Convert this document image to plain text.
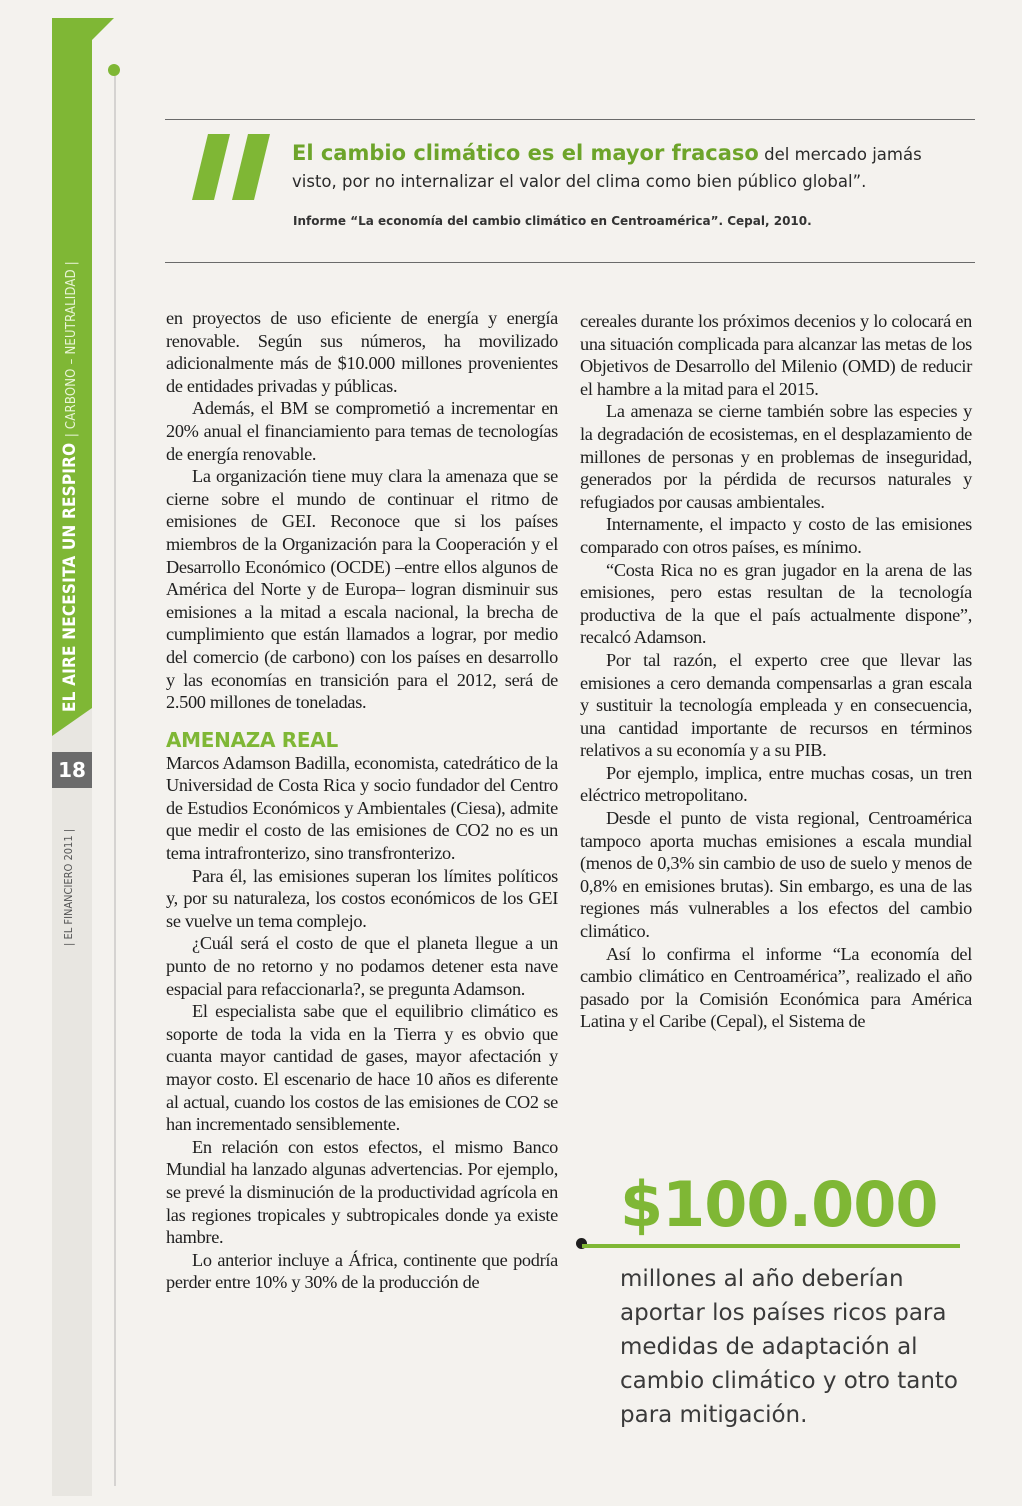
EL AIRE NECESITA UN RESPIRO | CARBONO – NEUTRALIDAD |
18
| EL FINANCIERO 2011 |
El cambio climático es el mayor fracaso del mercado jamás visto, por no internalizar el valor del clima como bien público global”.
Informe “La economía del cambio climático en Centroamérica”. Cepal, 2010.

en proyectos de uso eficiente de energía y energía renovable. Según sus números, ha movilizado adicionalmente más de $10.000 millones provenientes de entidades privadas y públicas.

Además, el BM se comprometió a incrementar en 20% anual el financiamiento para temas de tecnologías de energía renovable.

La organización tiene muy clara la amenaza que se cierne sobre el mundo de continuar el ritmo de emisiones de GEI. Reconoce que si los países miembros de la Organización para la Cooperación y el Desarrollo Económico (OCDE) –entre ellos algunos de América del Norte y de Europa– logran disminuir sus emisiones a la mitad a escala nacional, la brecha de cumplimiento que están llamados a lograr, por medio del comercio (de carbono) con los países en desarrollo y las economías en transición para el 2012, será de 2.500 millones de toneladas.

AMENAZA REAL

Marcos Adamson Badilla, economista, catedrático de la Universidad de Costa Rica y socio fundador del Centro de Estudios Económicos y Ambientales (Ciesa), admite que medir el costo de las emisiones de CO2 no es un tema intrafronterizo, sino transfronterizo.

Para él, las emisiones superan los límites políticos y, por su naturaleza, los costos económicos de los GEI se vuelve un tema complejo.

¿Cuál será el costo de que el planeta llegue a un punto de no retorno y no podamos detener esta nave espacial para refaccionarla?, se pregunta Adamson.

El especialista sabe que el equilibrio climático es soporte de toda la vida en la Tierra y es obvio que cuanta mayor cantidad de gases, mayor afectación y mayor costo. El escenario de hace 10 años es diferente al actual, cuando los costos de las emisiones de CO2 se han incrementado sensiblemente.

En relación con estos efectos, el mismo Banco Mundial ha lanzado algunas advertencias. Por ejemplo, se prevé la disminución de la productividad agrícola en las regiones tropicales y subtropicales donde ya existe hambre.

Lo anterior incluye a África, continente que podría perder entre 10% y 30% de la producción de

cereales durante los próximos decenios y lo colocará en una situación complicada para alcanzar las metas de los Objetivos de Desarrollo del Milenio (OMD) de reducir el hambre a la mitad para el 2015.

La amenaza se cierne también sobre las especies y la degradación de ecosistemas, en el desplazamiento de millones de personas y en problemas de inseguridad, generados por la pérdida de recursos naturales y refugiados por causas ambientales.

Internamente, el impacto y costo de las emisiones comparado con otros países, es mínimo.

“Costa Rica no es gran jugador en la arena de las emisiones, pero estas resultan de la tecnología productiva de la que el país actualmente dispone”, recalcó Adamson.

Por tal razón, el experto cree que llevar las emisiones a cero demanda compensarlas a gran escala y sustituir la tecnología empleada y en consecuencia, una cantidad importante de recursos en términos relativos a su economía y a su PIB.

Por ejemplo, implica, entre muchas cosas, un tren eléctrico metropolitano.

Desde el punto de vista regional, Centroamérica tampoco aporta muchas emisiones a escala mundial (menos de 0,3% sin cambio de uso de suelo y menos de 0,8% en emisiones brutas). Sin embargo, es una de las regiones más vulnerables a los efectos del cambio climático.

Así lo confirma el informe “La economía del cambio climático en Centroamérica”, realizado el año pasado por la Comisión Económica para América Latina y el Caribe (Cepal), el Sistema de

$100.000
millones al año deberían aportar los países ricos para medidas de adaptación al cambio climático y otro tanto para mitigación.
